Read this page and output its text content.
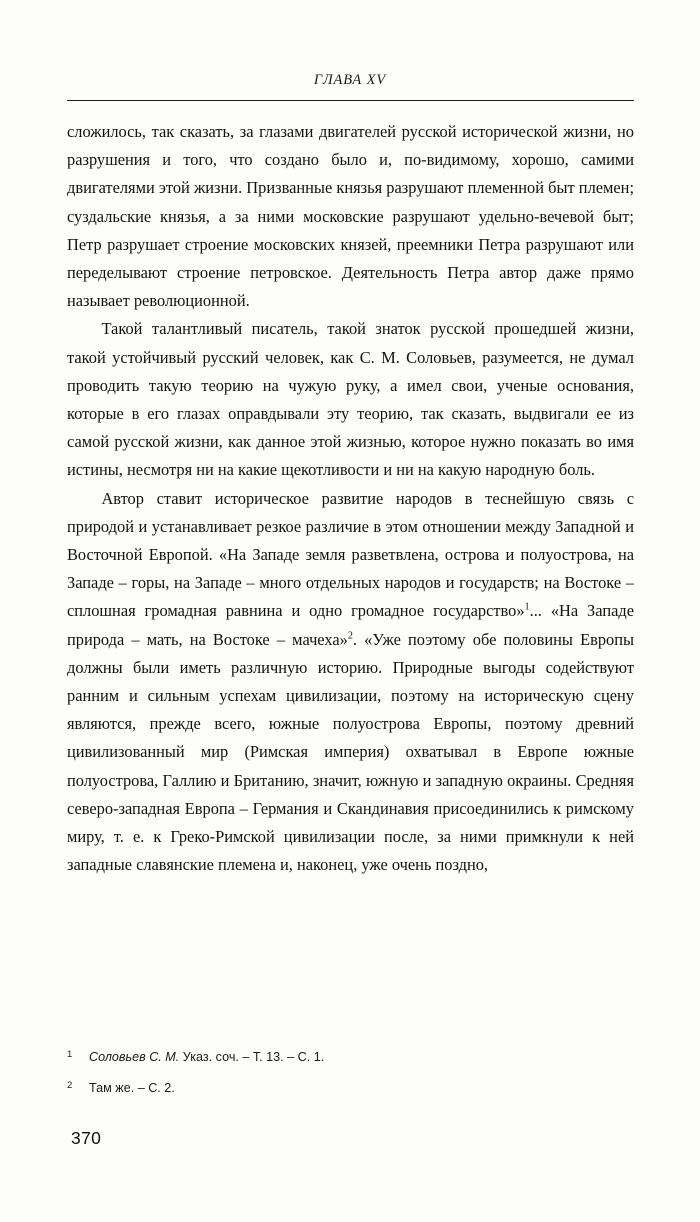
ГЛАВА XV

сложилось, так сказать, за глазами двигателей русской исторической жизни, но разрушения и того, что создано было и, по-видимому, хорошо, самими двигателями этой жизни. Призванные князья разрушают племенной быт племен; суздальские князья, а за ними московские разрушают удельно-вечевой быт; Петр разрушает строение московских князей, преемники Петра разрушают или переделывают строение петровское. Деятельность Петра автор даже прямо называет революционной.

Такой талантливый писатель, такой знаток русской прошедшей жизни, такой устойчивый русский человек, как С. М. Соловьев, разумеется, не думал проводить такую теорию на чужую руку, а имел свои, ученые основания, которые в его глазах оправдывали эту теорию, так сказать, выдвигали ее из самой русской жизни, как данное этой жизнью, которое нужно показать во имя истины, несмотря ни на какие щекотливости и ни на какую народную боль.

Автор ставит историческое развитие народов в теснейшую связь с природой и устанавливает резкое различие в этом отношении между Западной и Восточной Европой. «На Западе земля разветвлена, острова и полуострова, на Западе – горы, на Западе – много отдельных народов и государств; на Востоке – сплошная громадная равнина и одно громадное государство»$^1$... «На Западе природа – мать, на Востоке – мачеха»$^2$. «Уже поэтому обе половины Европы должны были иметь различную историю. Природные выгоды содействуют ранним и сильным успехам цивилизации, поэтому на историческую сцену являются, прежде всего, южные полуострова Европы, поэтому древний цивилизованный мир (Римская империя) охватывал в Европе южные полуострова, Галлию и Британию, значит, южную и западную окраины. Средняя северо-западная Европа – Германия и Скандинавия присоединились к римскому миру, т. е. к Греко-Римской цивилизации после, за ними примкнули к ней западные славянские племена и, наконец, уже очень поздно,

1 Соловьев С. М. Указ. соч. – Т. 13. – С. 1.
2 Там же. – С. 2.
370
